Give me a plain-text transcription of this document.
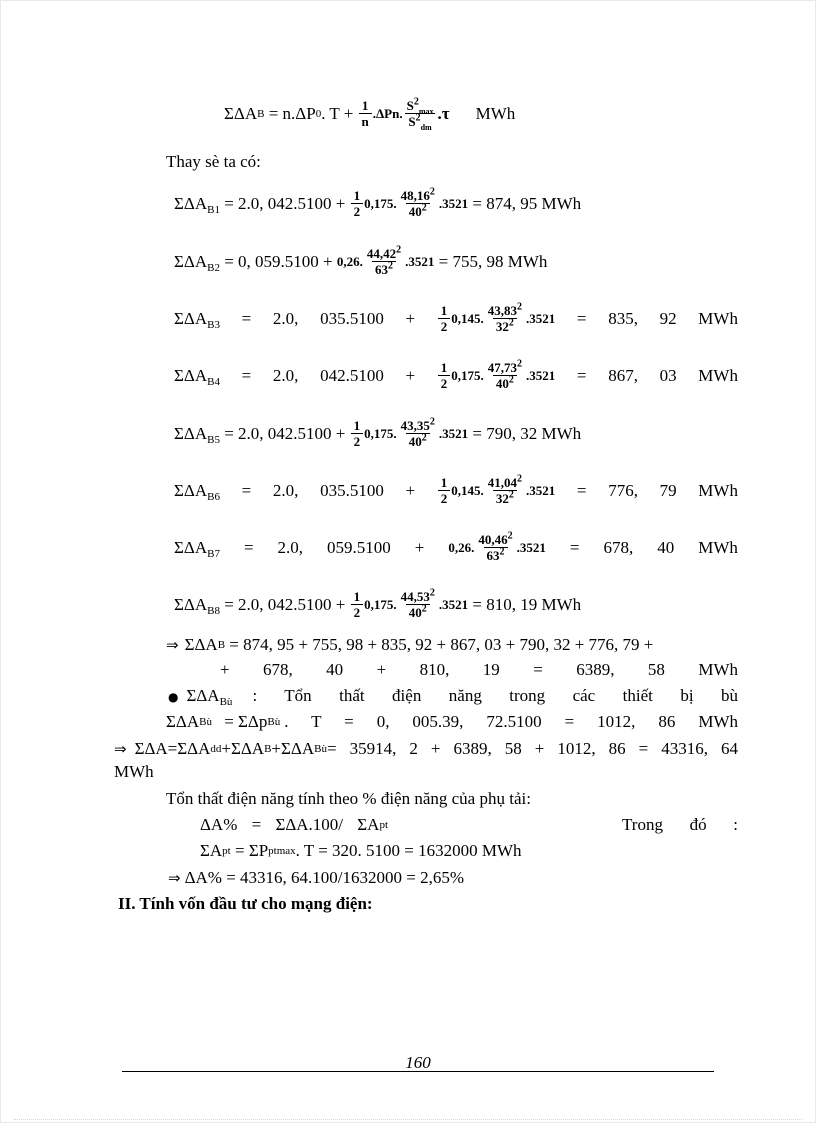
ΣΔA B = n.ΔP 0 . $T + \frac{1}{n} .\Delta P$ n . $\frac{S^2_{max}}{S^2_{dm}} .\tau$ MWh
Thay sè ta có:
$\Sigma\Delta A_{B1}$
= 2.0, 042.5100 +
$\frac{1}{2} 0,175$ . $\frac{48,16^2}{40^2}$ . 3521
= 874, 95 MWh
$\Sigma\Delta A_{B2}$
= 0, 059.5100 +
0,26 . $\frac{44,42^2}{63^2}$ . 3521
= 755, 98 MWh
$\Sigma\Delta A_{B3} = 2.0$, $035.5100 + \frac{1}{2} 0,145$ . $\frac{43,83^2}{32^2}$ . 3521 = 835, 92 MWh
$\Sigma\Delta A_{B4} = 2.0$, $042.5100 + \frac{1}{2} 0,175$ . $\frac{47,73^2}{40^2}$ . 3521 = 867, 03 MWh
$\Sigma\Delta A_{B5}$
= 2.0, 042.5100 +
$\frac{1}{2} 0,175$ . $\frac{43,35^2}{40^2}$ . 3521
= 790, 32 MWh
$\Sigma\Delta A_{B6} = 2.0$, $035.5100 + \frac{1}{2} 0,145$ . $\frac{41,04^2}{32^2}$ . 3521 = 776, 79 MWh
$\Sigma\Delta A_{B7} = 2.0$, 059.5100 + 0,26 . $\frac{40,46^2}{63^2}$ . 3521 = 678, 40 MWh
$\Sigma\Delta A_{B8}$
= 2.0, 042.5100 +
$\frac{1}{2} 0,175$ . $\frac{44,53^2}{40^2}$ . 3521
= 810, 19 MWh
⇒ ΣΔA B = 874, 95 + 755, 98 + 835, 92 + 867, 03 + 790, 32 + 776, 79 +
+ 678, 40 + 810, 19 = 6389, 58 MWh
● $\Sigma\Delta A_{Bù}$ : Tổn thất điện năng trong các thiết bị bù
ΣΔA Bù = ΣΔp Bù . T = 0, 005.39, 72.5100 = 1012, 86 MWh
⇒ ΣΔA=ΣΔA dd +ΣΔA B +ΣΔA Bù = 35914, 2 + 6389, 58 + 1012, 86 = 43316, 64
MWh
Tổn thất điện năng tính theo % điện năng của phụ tải:
ΔA% = ΣΔA.100/ ΣA pt	Trong đó :
ΣA pt = ΣP ptmax . T = 320. 5100 = 1632000 MWh
⇒ ΔA% = 43316, 64.100/1632000 = 2,65%
II. Tính vốn đầu tư cho mạng điện:
160
